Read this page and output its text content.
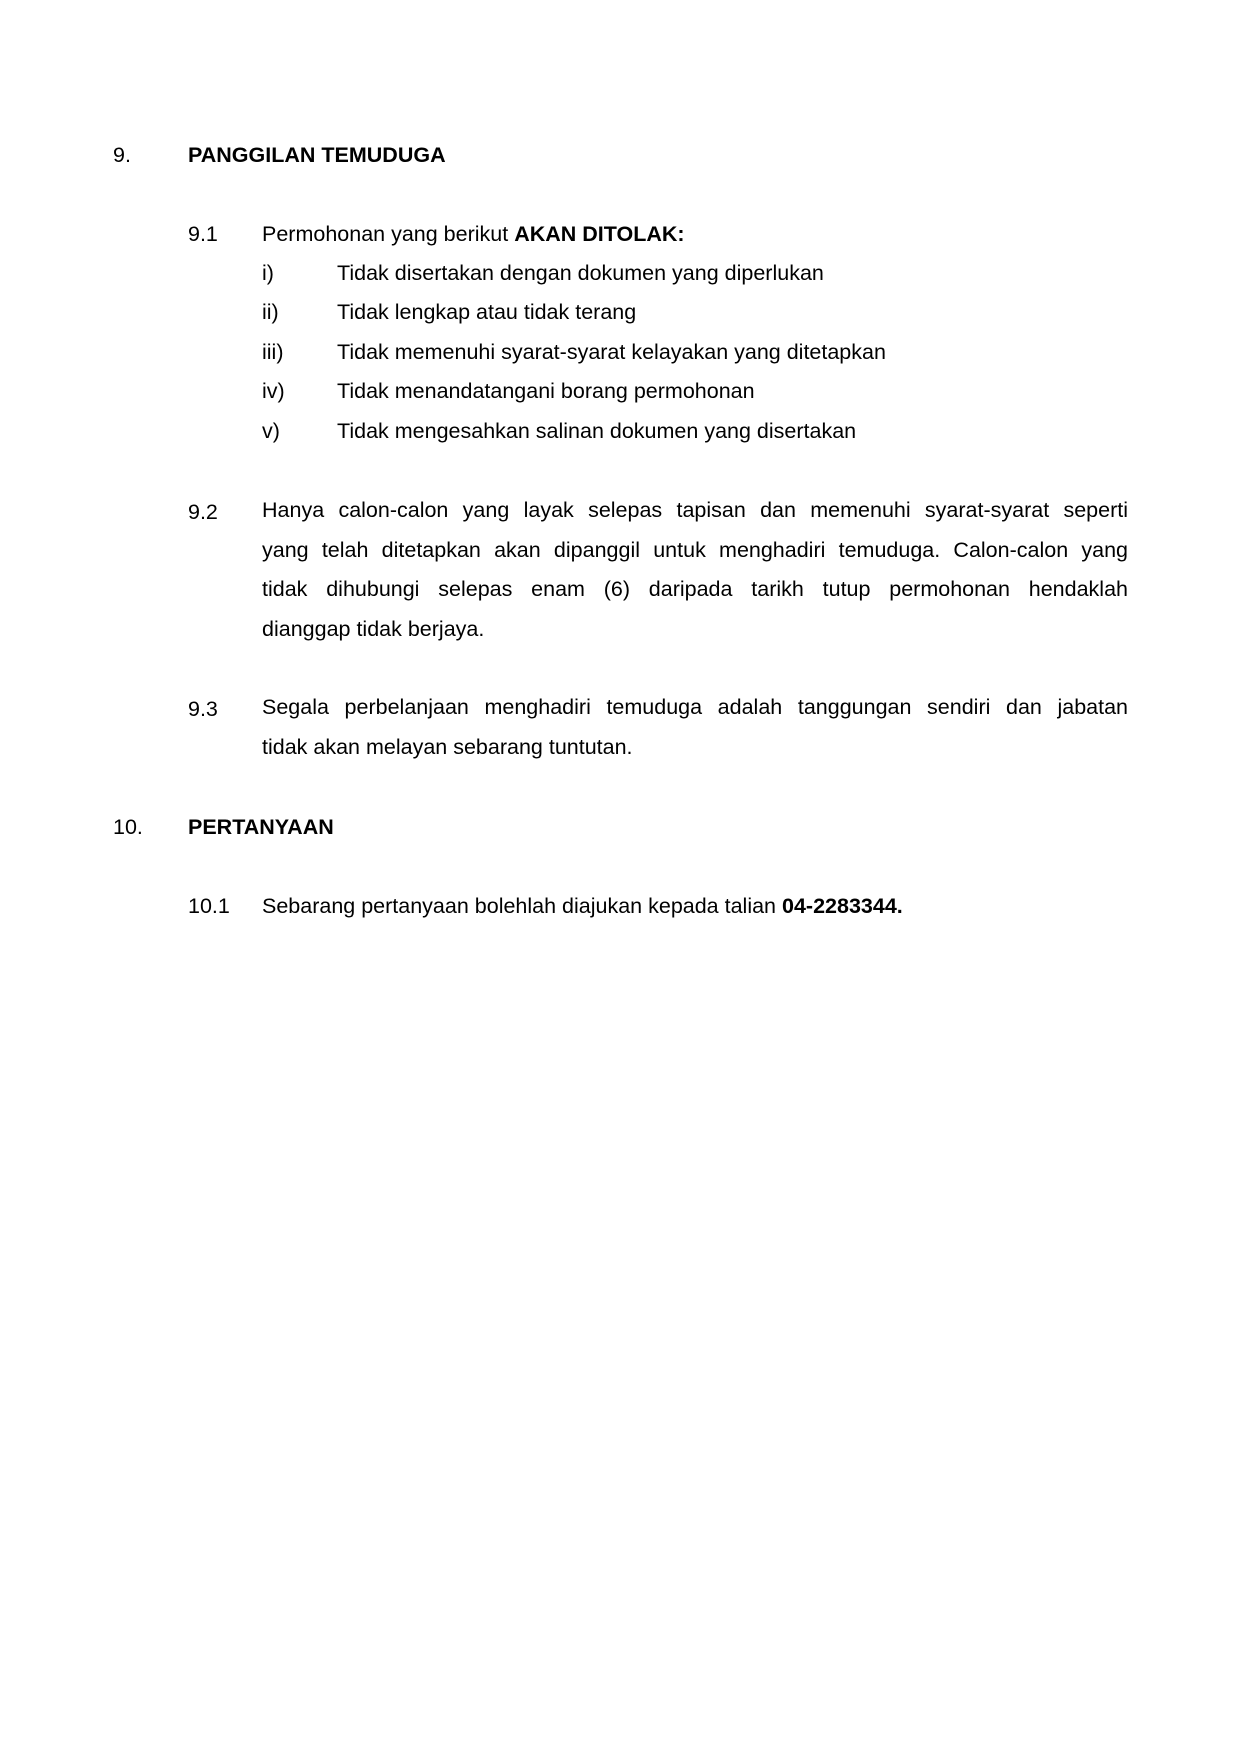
9.	PANGGILAN TEMUDUGA
9.1 Permohonan yang berikut AKAN DITOLAK:
i)	Tidak disertakan dengan dokumen yang diperlukan
ii)	Tidak lengkap atau tidak terang
iii) Tidak memenuhi syarat-syarat kelayakan yang ditetapkan
iv) Tidak menandatangani borang permohonan
v)	Tidak mengesahkan salinan dokumen yang disertakan
9.2 Hanya calon-calon yang layak selepas tapisan dan memenuhi syarat-syarat seperti
yang telah ditetapkan akan dipanggil untuk menghadiri temuduga. Calon-calon yang
tidak dihubungi selepas enam (6) daripada tarikh tutup permohonan hendaklah
dianggap tidak berjaya.
9.3 Segala perbelanjaan menghadiri temuduga adalah tanggungan sendiri dan jabatan
tidak akan melayan sebarang tuntutan.
10. PERTANYAAN
10.1 Sebarang pertanyaan bolehlah diajukan kepada talian 04-2283344.
